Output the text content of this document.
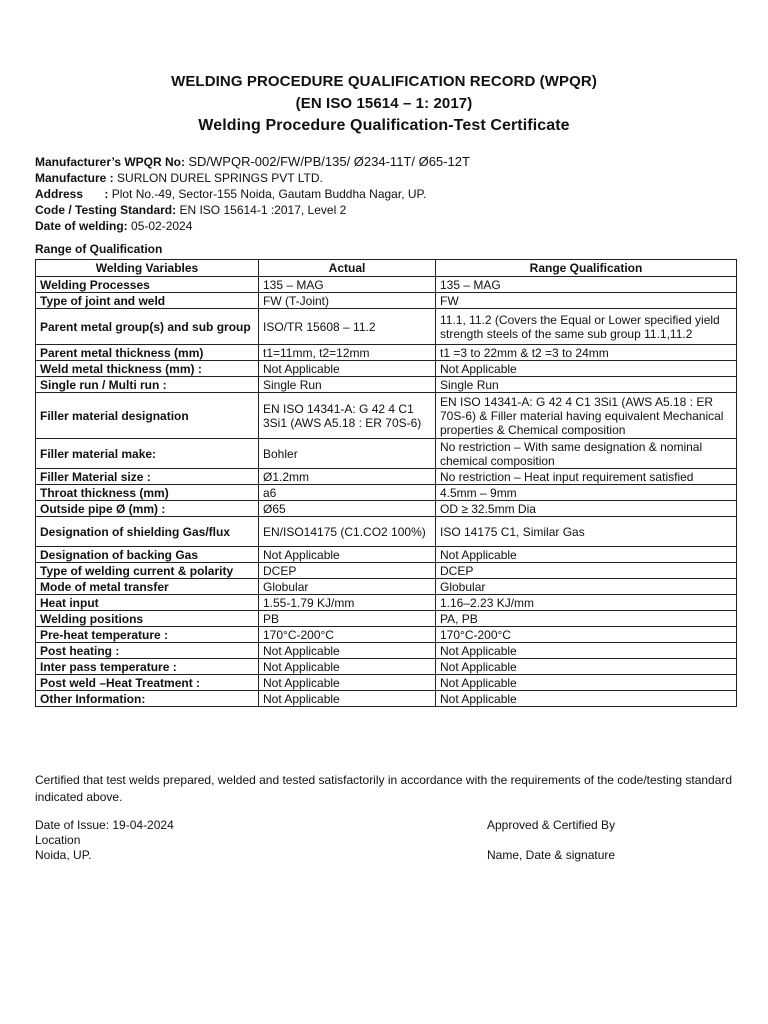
WELDING PROCEDURE QUALIFICATION RECORD (WPQR)
(EN ISO 15614 – 1: 2017)
Welding Procedure Qualification-Test Certificate
Manufacturer’s WPQR No: SD/WPQR-002/FW/PB/135/ Ø234-11T/ Ø65-12T
Manufacture : SURLON DUREL SPRINGS PVT LTD.
Address : Plot No.-49, Sector-155 Noida, Gautam Buddha Nagar, UP.
Code / Testing Standard: EN ISO 15614-1 :2017, Level 2
Date of welding: 05-02-2024
Range of Qualification
Welding Variables	Actual	Range Qualification
Welding Processes	135 – MAG	135 – MAG
Type of joint and weld	FW (T-Joint)	FW
Parent metal group(s) and sub group	ISO/TR 15608 – 11.2	11.1, 11.2 (Covers the Equal or Lower specified yield strength steels of the same sub group 11.1,11.2
Parent metal thickness (mm)	t1=11mm, t2=12mm	t1 =3 to 22mm & t2 =3 to 24mm
Weld metal thickness (mm) :	Not Applicable	Not Applicable
Single run / Multi run :	Single Run	Single Run
Filler material designation	EN ISO 14341-A: G 42 4 C1 3Si1 (AWS A5.18 : ER 70S-6)	EN ISO 14341-A: G 42 4 C1 3Si1 (AWS A5.18 : ER 70S-6) & Filler material having equivalent Mechanical properties & Chemical composition
Filler material make:	Bohler	No restriction – With same designation & nominal chemical composition
Filler Material size :	Ø1.2mm	No restriction – Heat input requirement satisfied
Throat thickness (mm)	a6	4.5mm – 9mm
Outside pipe Ø (mm) :	Ø65	OD ≥ 32.5mm Dia
Designation of shielding Gas/flux	EN/ISO14175 (C1.CO2 100%)	ISO 14175 C1, Similar Gas
Designation of backing Gas	Not Applicable	Not Applicable
Type of welding current & polarity	DCEP	DCEP
Mode of metal transfer	Globular	Globular
Heat input	1.55-1.79 KJ/mm	1.16–2.23 KJ/mm
Welding positions	PB	PA, PB
Pre-heat temperature :	170°C-200°C	170°C-200°C
Post heating :	Not Applicable	Not Applicable
Inter pass temperature :	Not Applicable	Not Applicable
Post weld –Heat Treatment :	Not Applicable	Not Applicable
Other Information:	Not Applicable	Not Applicable
Certified that test welds prepared, welded and tested satisfactorily in accordance with the requirements of the code/testing standard indicated above.
Date of Issue: 19-04-2024
Location
Noida, UP.
Approved & Certified By
Name, Date & signature
